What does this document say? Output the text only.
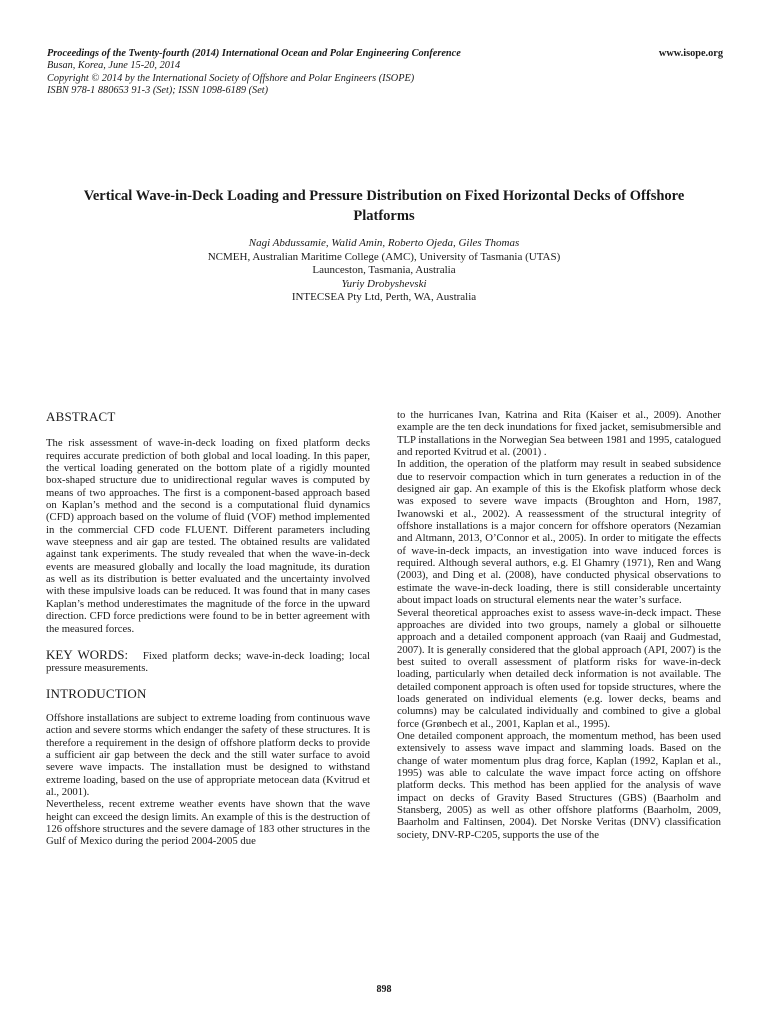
Proceedings of the Twenty-fourth (2014) International Ocean and Polar Engineering Conference
Busan, Korea, June 15-20, 2014
Copyright © 2014 by the International Society of Offshore and Polar Engineers (ISOPE)
ISBN 978-1 880653 91-3 (Set); ISSN 1098-6189 (Set)
www.isope.org
Vertical Wave-in-Deck Loading and Pressure Distribution on Fixed Horizontal Decks of Offshore Platforms
Nagi Abdussamie, Walid Amin, Roberto Ojeda, Giles Thomas
NCMEH, Australian Maritime College (AMC), University of Tasmania (UTAS)
Launceston, Tasmania, Australia
Yuriy Drobyshevski
INTECSEA Pty Ltd, Perth, WA, Australia
ABSTRACT

The risk assessment of wave-in-deck loading on fixed platform decks requires accurate prediction of both global and local loading. In this paper, the vertical loading generated on the bottom plate of a rigidly mounted box-shaped structure due to unidirectional regular waves is computed by means of two approaches. The first is a component-based approach based on Kaplan’s method and the second is a computational fluid dynamics (CFD) approach based on the volume of fluid (VOF) method implemented in the commercial CFD code FLUENT. Different parameters including wave steepness and air gap are tested. The obtained results are validated against tank experiments. The study revealed that when the wave-in-deck events are measured globally and locally the load magnitude, its duration as well as its distribution is better evaluated and the uncertainty involved with these impulsive loads can be reduced. It was found that in many cases Kaplan’s method underestimates the magnitude of the force in the upward direction. CFD force predictions were found to be in better agreement with the measured forces.

KEY WORDS: Fixed platform decks; wave-in-deck loading; local pressure measurements.

INTRODUCTION

Offshore installations are subject to extreme loading from continuous wave action and severe storms which endanger the safety of these structures. It is therefore a requirement in the design of offshore platform decks to provide a sufficient air gap between the deck and the still water surface to avoid severe wave impacts. The installation must be designed to withstand extreme loading, based on the use of appropriate metocean data (Kvitrud et al., 2001).

Nevertheless, recent extreme weather events have shown that the wave height can exceed the design limits. An example of this is the destruction of 126 offshore structures and the severe damage of 183 other structures in the Gulf of Mexico during the period 2004-2005 due

to the hurricanes Ivan, Katrina and Rita (Kaiser et al., 2009). Another example are the ten deck inundations for fixed jacket, semisubmersible and TLP installations in the Norwegian Sea between 1981 and 1995, catalogued and reported Kvitrud et al. (2001) .

In addition, the operation of the platform may result in seabed subsidence due to reservoir compaction which in turn generates a reduction in of the designed air gap. An example of this is the Ekofisk platform whose deck was exposed to severe wave impacts (Broughton and Horn, 1987, Iwanowski et al., 2002). A reassessment of the structural integrity of offshore installations is a major concern for offshore operators (Nezamian and Altmann, 2013, O’Connor et al., 2005). In order to mitigate the effects of wave-in-deck impacts, an investigation into wave induced forces is required. Although several authors, e.g. El Ghamry (1971), Ren and Wang (2003), and Ding et al. (2008), have conducted physical observations to estimate the wave-in-deck loading, there is still considerable uncertainty about impact loads on structural elements near the water’s surface.

Several theoretical approaches exist to assess wave-in-deck impact. These approaches are divided into two groups, namely a global or silhouette approach and a detailed component approach (van Raaij and Gudmestad, 2007). It is generally considered that the global approach (API, 2007) is the best suited to overall assessment of platform risks for wave-in-deck loading, particularly when detailed deck information is not available. The detailed component approach is often used for topside structures, where the loads generated on individual elements (e.g. lower decks, beams and columns) may be calculated individually and combined to give a global force (Grønbech et al., 2001, Kaplan et al., 1995).

One detailed component approach, the momentum method, has been used extensively to assess wave impact and slamming loads. Based on the change of water momentum plus drag force, Kaplan (1992, Kaplan et al., 1995) was able to calculate the wave impact force acting on offshore platform decks. This method has been applied for the analysis of wave impact on decks of Gravity Based Structures (GBS) (Baarholm and Stansberg, 2005) as well as other offshore platforms (Baarholm, 2009, Baarholm and Faltinsen, 2004). Det Norske Veritas (DNV) classification society, DNV-RP-C205, supports the use of the

898
